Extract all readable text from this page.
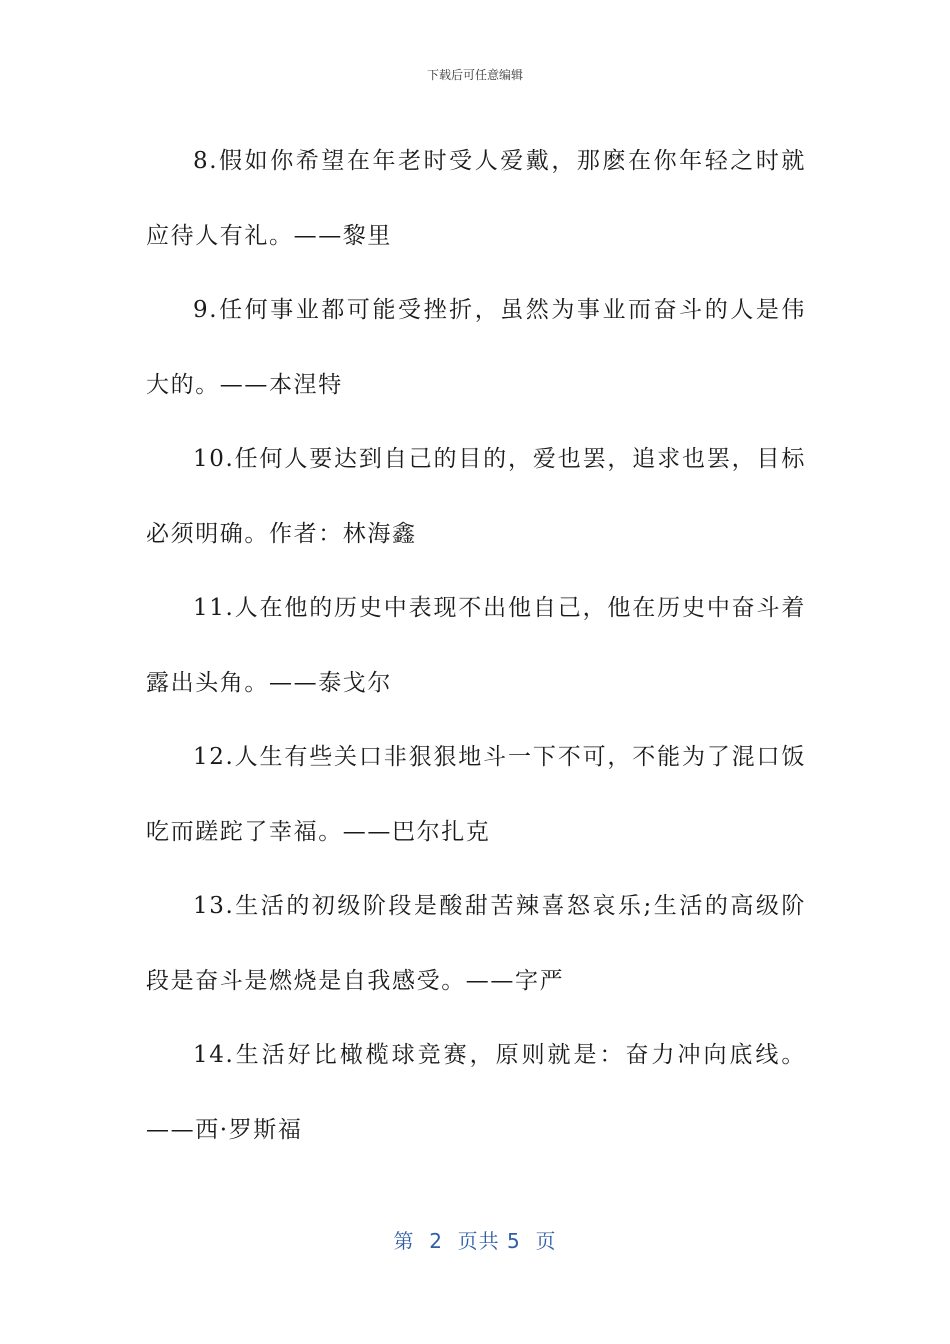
下载后可任意编辑

8.假如你希望在年老时受人爱戴，那麽在你年轻之时就应待人有礼。——黎里

9.任何事业都可能受挫折，虽然为事业而奋斗的人是伟大的。——本涅特

10.任何人要达到自己的目的，爱也罢，追求也罢，目标必须明确。作者：林海鑫

11.人在他的历史中表现不出他自己，他在历史中奋斗着露出头角。——泰戈尔

12.人生有些关口非狠狠地斗一下不可，不能为了混口饭吃而蹉跎了幸福。——巴尔扎克

13.生活的初级阶段是酸甜苦辣喜怒哀乐;生活的高级阶段是奋斗是燃烧是自我感受。——字严

14.生活好比橄榄球竞赛，原则就是：奋力冲向底线。——西·罗斯福

第  2  页共 5  页
